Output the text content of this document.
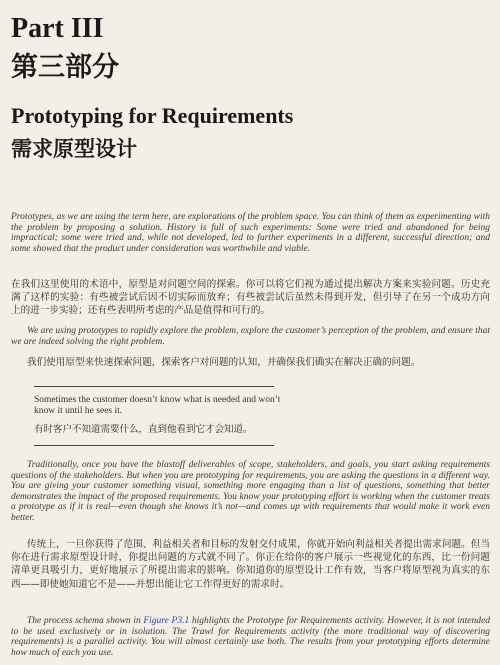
Part III
第三部分
Prototyping for Requirements
需求原型设计

Prototypes, as we are using the term here, are explorations of the problem space. You can think of them as experimenting with the problem by proposing a solution. History is full of such experiments: Some were tried and abandoned for being impractical; some were tried and, while not developed, led to further experiments in a different, successful direction; and some showed that the product under consideration was worthwhile and viable.

在我们这里使用的术语中，原型是对问题空间的探索。你可以将它们视为通过提出解决方案来实验问题。历史充满了这样的实验：有些被尝试后因不切实际而放弃；有些被尝试后虽然未得到开发，但引导了在另一个成功方向上的进一步实验；还有些表明所考虑的产品是值得和可行的。

We are using prototypes to rapidly explore the problem, explore the customer’s perception of the problem, and ensure that we are indeed solving the right problem.

我们使用原型来快速探索问题，探索客户对问题的认知，并确保我们确实在解决正确的问题。

Sometimes the customer doesn’t know what is needed and won’t know it until he sees it.
有时客户不知道需要什么，直到他看到它才会知道。

Traditionally, once you have the blastoff deliverables of scope, stakeholders, and goals, you start asking requirements questions of the stakeholders. But when you are prototyping for requirements, you are asking the questions in a different way. You are giving your customer something visual, something more engaging than a list of questions, something that better demonstrates the impact of the proposed requirements. You know your prototyping effort is working when the customer treats a prototype as if it is real—even though she knows it’s not—and comes up with requirements that would make it work even better.

传统上，一旦你获得了范围、利益相关者和目标的发射交付成果，你就开始向利益相关者提出需求问题。但当你在进行需求原型设计时，你提出问题的方式就不同了。你正在给你的客户展示一些视觉化的东西，比一份问题清单更具吸引力，更好地展示了所提出需求的影响。你知道你的原型设计工作有效，当客户将原型视为真实的东西——即使她知道它不是——并想出能让它工作得更好的需求时。

The process schema shown in Figure P3.1 highlights the Prototype for Requirements activity. However, it is not intended to be used exclusively or in isolation. The Trawl for Requirements activity (the more traditional way of discovering requirements) is a parallel activity. You will almost certainly use both. The results from your prototyping efforts determine how much of each you use.
